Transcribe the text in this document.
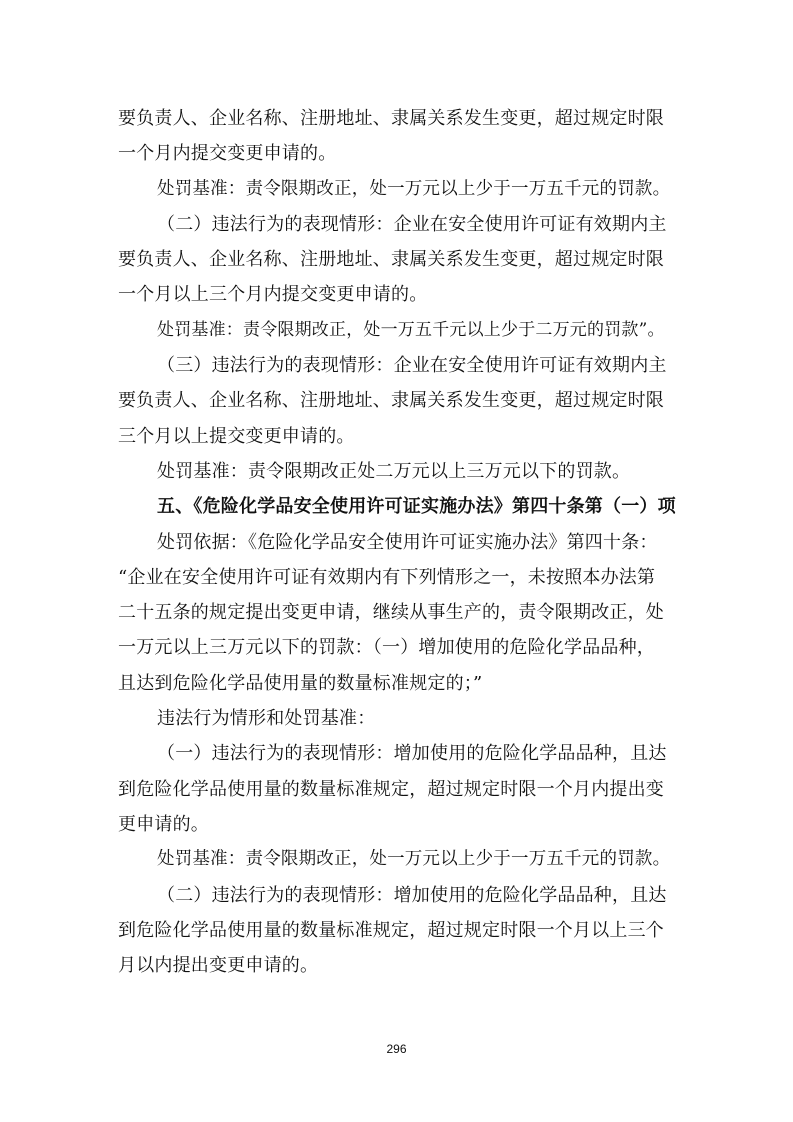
要负责人、企业名称、注册地址、隶属关系发生变更，超过规定时限
一个月内提交变更申请的。
处罚基准：责令限期改正，处一万元以上少于一万五千元的罚款。
（二）违法行为的表现情形：企业在安全使用许可证有效期内主
要负责人、企业名称、注册地址、隶属关系发生变更，超过规定时限
一个月以上三个月内提交变更申请的。
处罚基准：责令限期改正，处一万五千元以上少于二万元的罚款”。
（三）违法行为的表现情形：企业在安全使用许可证有效期内主
要负责人、企业名称、注册地址、隶属关系发生变更，超过规定时限
三个月以上提交变更申请的。
处罚基准：责令限期改正处二万元以上三万元以下的罚款。
五、《危险化学品安全使用许可证实施办法》第四十条第（一）项
处罚依据：《危险化学品安全使用许可证实施办法》第四十条：
“企业在安全使用许可证有效期内有下列情形之一，未按照本办法第
二十五条的规定提出变更申请，继续从事生产的，责令限期改正，处
一万元以上三万元以下的罚款：（一）增加使用的危险化学品品种，
且达到危险化学品使用量的数量标准规定的；”
违法行为情形和处罚基准：
（一）违法行为的表现情形：增加使用的危险化学品品种，且达
到危险化学品使用量的数量标准规定，超过规定时限一个月内提出变
更申请的。
处罚基准：责令限期改正，处一万元以上少于一万五千元的罚款。
（二）违法行为的表现情形：增加使用的危险化学品品种，且达
到危险化学品使用量的数量标准规定，超过规定时限一个月以上三个
月以内提出变更申请的。
296
